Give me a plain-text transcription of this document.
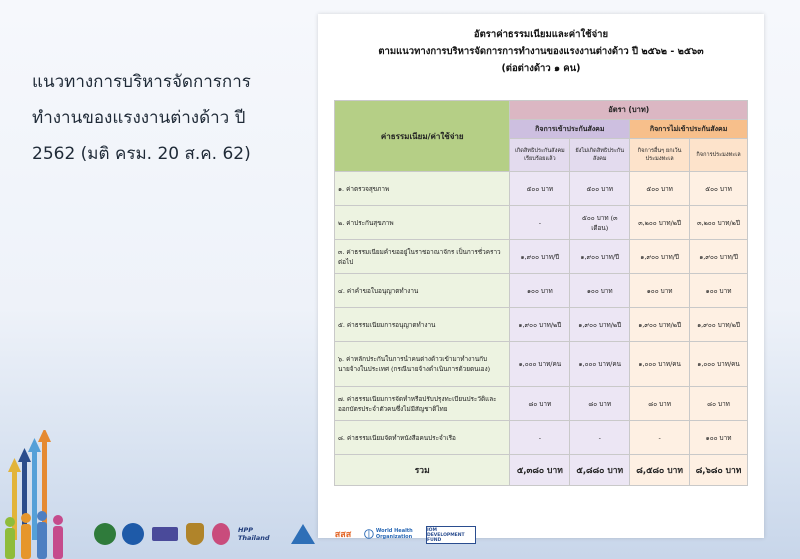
แนวทางการบริหารจัดการการ
ทำงานของแรงงานต่างด้าว ปี
2562 (มติ ครม. 20 ส.ค. 62)
อัตราค่าธรรมเนียมและค่าใช้จ่าย
ตามแนวทางการบริหารจัดการการทำงานของแรงงานต่างด้าว ปี ๒๕๖๒ - ๒๕๖๓
(ต่อต่างด้าว ๑ คน)
ค่าธรรมเนียม/ค่าใช้จ่าย	อัตรา (บาท)			
	กิจการเข้าประกันสังคม		กิจการไม่เข้าประกันสังคม	
	เกิดสิทธิประกันสังคมเรียบร้อยแล้ว	ยังไม่เกิดสิทธิประกันสังคม	กิจการอื่นๆ ยกเว้นประมงทะเล	กิจการประมงทะเล
๑. ค่าตรวจสุขภาพ	๕๐๐ บาท	๕๐๐ บาท	๕๐๐ บาท	๕๐๐ บาท
๒. ค่าประกันสุขภาพ	-	๕๐๐ บาท (๓ เดือน)	๓,๒๐๐ บาท/๒ปี	๓,๒๐๐ บาท/๒ปี
๓. ค่าธรรมเนียมคำขออยู่ในราชอาณาจักร เป็นการชั่วคราวต่อไป	๑,๙๐๐ บาท/ปี	๑,๙๐๐ บาท/ปี	๑,๙๐๐ บาท/ปี	๑,๙๐๐ บาท/ปี
๔. ค่าคำขอใบอนุญาตทำงาน	๑๐๐ บาท	๑๐๐ บาท	๑๐๐ บาท	๑๐๐ บาท
๕. ค่าธรรมเนียมการอนุญาตทำงาน	๑,๙๐๐ บาท/๒ปี	๑,๙๐๐ บาท/๒ปี	๑,๙๐๐ บาท/๒ปี	๑,๙๐๐ บาท/๒ปี
๖. ค่าหลักประกันในการนำคนต่างด้าวเข้ามาทำงานกับนายจ้างในประเทศ (กรณีนายจ้างดำเนินการด้วยตนเอง)	๑,๐๐๐ บาท/คน	๑,๐๐๐ บาท/คน	๑,๐๐๐ บาท/คน	๑,๐๐๐ บาท/คน
๗. ค่าธรรมเนียมการจัดทำหรือปรับปรุงทะเบียนประวัติและออกบัตรประจำตัวคนซึ่งไม่มีสัญชาติไทย	๘๐ บาท	๘๐ บาท	๘๐ บาท	๘๐ บาท
๘. ค่าธรรมเนียมจัดทำหนังสือคนประจำเรือ	-	-	-	๑๐๐ บาท
รวม	๕,๓๘๐ บาท	๕,๘๘๐ บาท	๘,๕๘๐ บาท	๘,๖๘๐ บาท
HPP Thailand	สสส	World Health Organization
IOM DEVELOPMENT FUND
